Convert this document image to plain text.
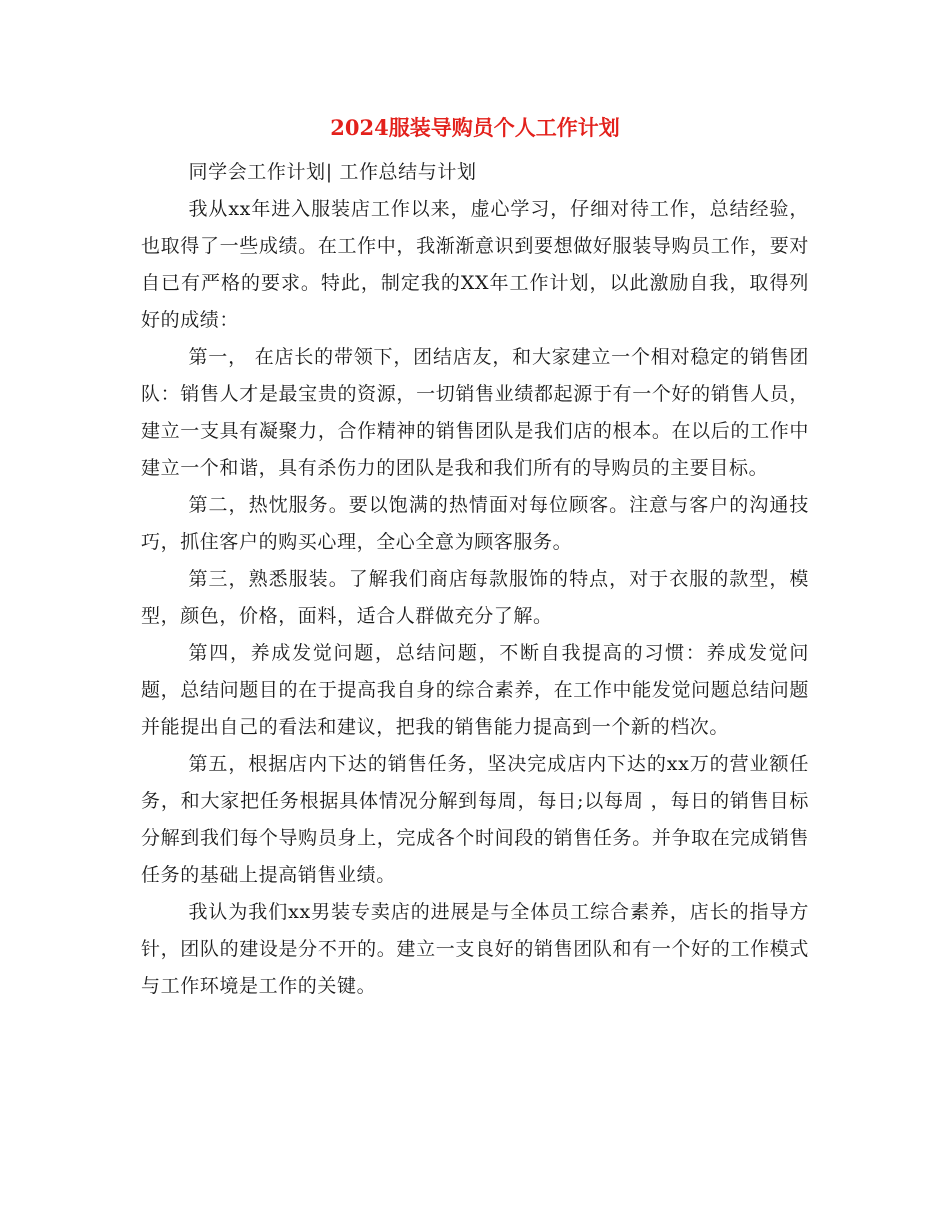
2024服装导购员个人工作计划

同学会工作计划| 工作总结与计划

我从xx年进入服装店工作以来，虚心学习，仔细对待工作，总结经验，也取得了一些成绩。在工作中，我渐渐意识到要想做好服装导购员工作，要对自已有严格的要求。特此，制定我的XX年工作计划，以此激励自我，取得列好的成绩：

第一， 在店长的带领下，团结店友，和大家建立一个相对稳定的销售团队：销售人才是最宝贵的资源，一切销售业绩都起源于有一个好的销售人员，建立一支具有凝聚力，合作精神的销售团队是我们店的根本。在以后的工作中建立一个和谐，具有杀伤力的团队是我和我们所有的导购员的主要目标。

第二，热忱服务。要以饱满的热情面对每位顾客。注意与客户的沟通技巧，抓住客户的购买心理，全心全意为顾客服务。

第三，熟悉服装。了解我们商店每款服饰的特点，对于衣服的款型，模型，颜色，价格，面料，适合人群做充分了解。

第四，养成发觉问题，总结问题，不断自我提高的习惯：养成发觉问题，总结问题目的在于提高我自身的综合素养，在工作中能发觉问题总结问题并能提出自己的看法和建议，把我的销售能力提高到一个新的档次。

第五，根据店内下达的销售任务，坚决完成店内下达的xx万的营业额任务，和大家把任务根据具体情况分解到每周，每日;以每周 ，每日的销售目标分解到我们每个导购员身上，完成各个时间段的销售任务。并争取在完成销售任务的基础上提高销售业绩。

我认为我们xx男装专卖店的进展是与全体员工综合素养，店长的指导方针，团队的建设是分不开的。建立一支良好的销售团队和有一个好的工作模式与工作环境是工作的关键。
